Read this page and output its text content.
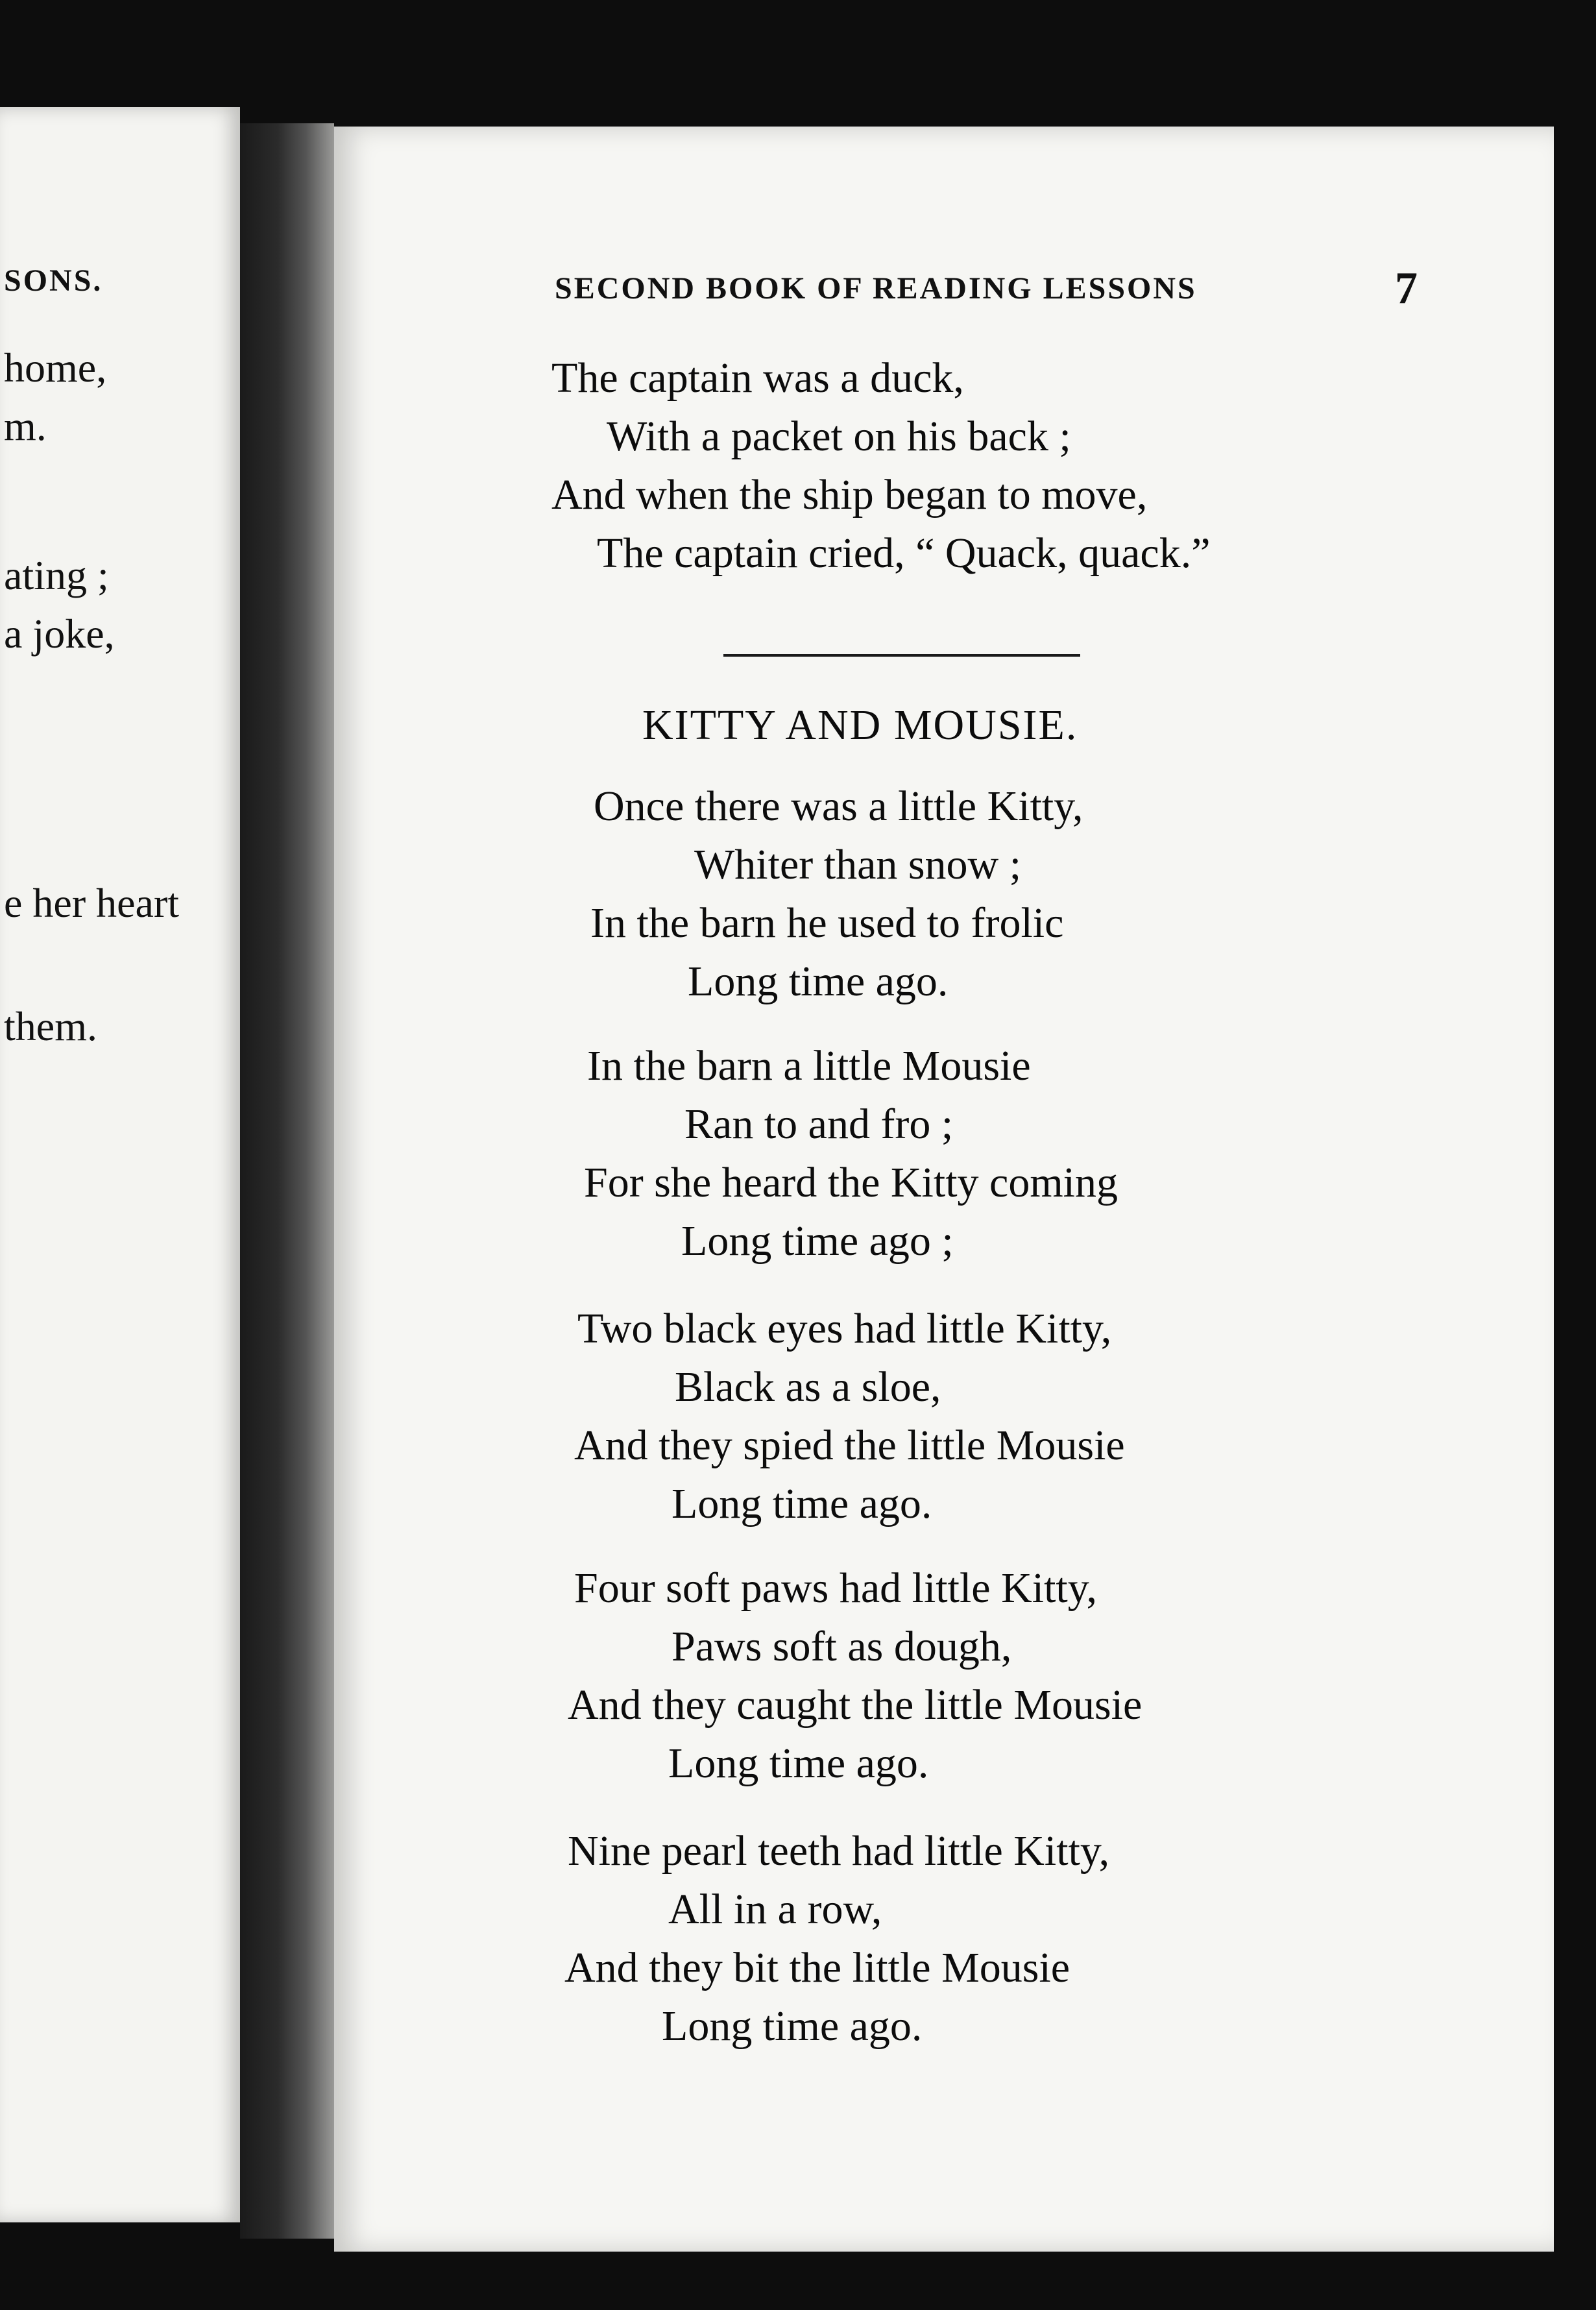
SONS.
home,
m.
ating ;
a joke,
e her heart
them.
SECOND BOOK OF READING LESSONS	7
The captain was a duck,
With a packet on his back ;
And when the ship began to move,
The captain cried, “ Quack, quack.”
KITTY AND MOUSIE.
Once there was a little Kitty,
Whiter than snow ;
In the barn he used to frolic
Long time ago.
In the barn a little Mousie
Ran to and fro ;
For she heard the Kitty coming
Long time ago ;
Two black eyes had little Kitty,
Black as a sloe,
And they spied the little Mousie
Long time ago.
Four soft paws had little Kitty,
Paws soft as dough,
And they caught the little Mousie
Long time ago.
Nine pearl teeth had little Kitty,
All in a row,
And they bit the little Mousie
Long time ago.
